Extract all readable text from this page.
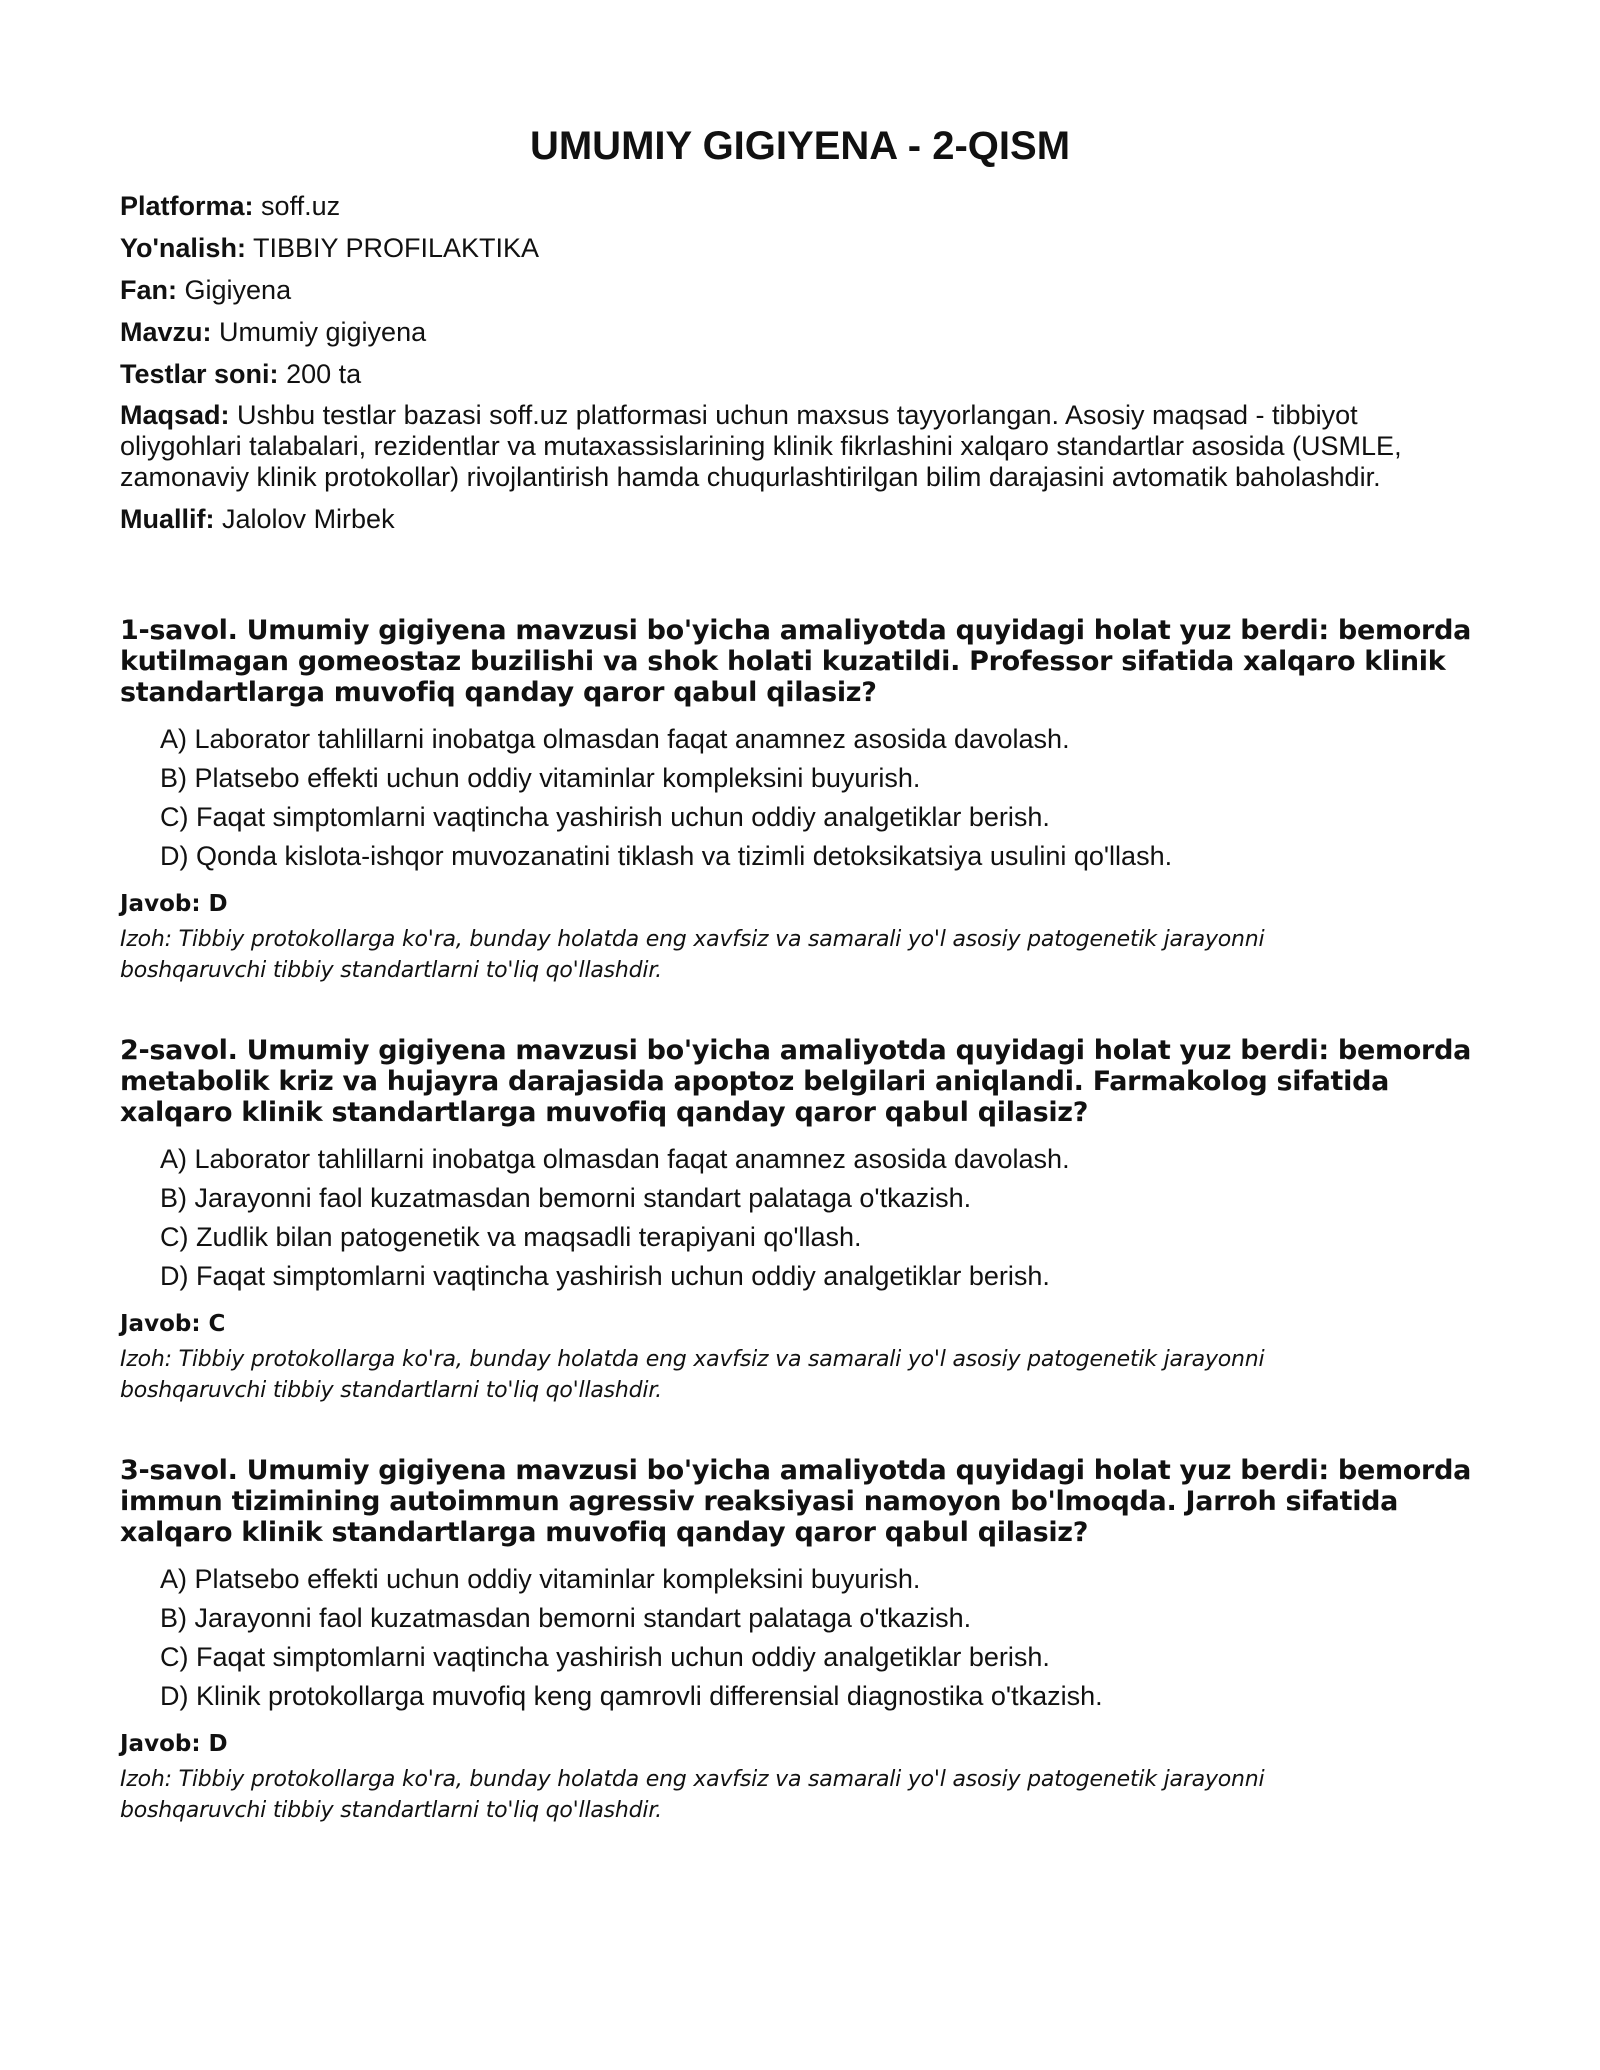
UMUMIY GIGIYENA - 2-QISM
Platforma: soff.uz
Yo'nalish: TIBBIY PROFILAKTIKA
Fan: Gigiyena
Mavzu: Umumiy gigiyena
Testlar soni: 200 ta
Maqsad: Ushbu testlar bazasi soff.uz platformasi uchun maxsus tayyorlangan. Asosiy maqsad - tibbiyot oliygohlari talabalari, rezidentlar va mutaxassislarining klinik fikrlashini xalqaro standartlar asosida (USMLE, zamonaviy klinik protokollar) rivojlantirish hamda chuqurlashtirilgan bilim darajasini avtomatik baholashdir.
Muallif: Jalolov Mirbek
1-savol. Umumiy gigiyena mavzusi bo'yicha amaliyotda quyidagi holat yuz berdi: bemorda kutilmagan gomeostaz buzilishi va shok holati kuzatildi. Professor sifatida xalqaro klinik standartlarga muvofiq qanday qaror qabul qilasiz?
A) Laborator tahlillarni inobatga olmasdan faqat anamnez asosida davolash.
B) Platsebo effekti uchun oddiy vitaminlar kompleksini buyurish.
C) Faqat simptomlarni vaqtincha yashirish uchun oddiy analgetiklar berish.
D) Qonda kislota-ishqor muvozanatini tiklash va tizimli detoksikatsiya usulini qo'llash.
Javob: D
Izoh: Tibbiy protokollarga ko'ra, bunday holatda eng xavfsiz va samarali yo'l asosiy patogenetik jarayonni boshqaruvchi tibbiy standartlarni to'liq qo'llashdir.
2-savol. Umumiy gigiyena mavzusi bo'yicha amaliyotda quyidagi holat yuz berdi: bemorda metabolik kriz va hujayra darajasida apoptoz belgilari aniqlandi. Farmakolog sifatida xalqaro klinik standartlarga muvofiq qanday qaror qabul qilasiz?
A) Laborator tahlillarni inobatga olmasdan faqat anamnez asosida davolash.
B) Jarayonni faol kuzatmasdan bemorni standart palataga o'tkazish.
C) Zudlik bilan patogenetik va maqsadli terapiyani qo'llash.
D) Faqat simptomlarni vaqtincha yashirish uchun oddiy analgetiklar berish.
Javob: C
Izoh: Tibbiy protokollarga ko'ra, bunday holatda eng xavfsiz va samarali yo'l asosiy patogenetik jarayonni boshqaruvchi tibbiy standartlarni to'liq qo'llashdir.
3-savol. Umumiy gigiyena mavzusi bo'yicha amaliyotda quyidagi holat yuz berdi: bemorda immun tizimining autoimmun agressiv reaksiyasi namoyon bo'lmoqda. Jarroh sifatida xalqaro klinik standartlarga muvofiq qanday qaror qabul qilasiz?
A) Platsebo effekti uchun oddiy vitaminlar kompleksini buyurish.
B) Jarayonni faol kuzatmasdan bemorni standart palataga o'tkazish.
C) Faqat simptomlarni vaqtincha yashirish uchun oddiy analgetiklar berish.
D) Klinik protokollarga muvofiq keng qamrovli differensial diagnostika o'tkazish.
Javob: D
Izoh: Tibbiy protokollarga ko'ra, bunday holatda eng xavfsiz va samarali yo'l asosiy patogenetik jarayonni boshqaruvchi tibbiy standartlarni to'liq qo'llashdir.
